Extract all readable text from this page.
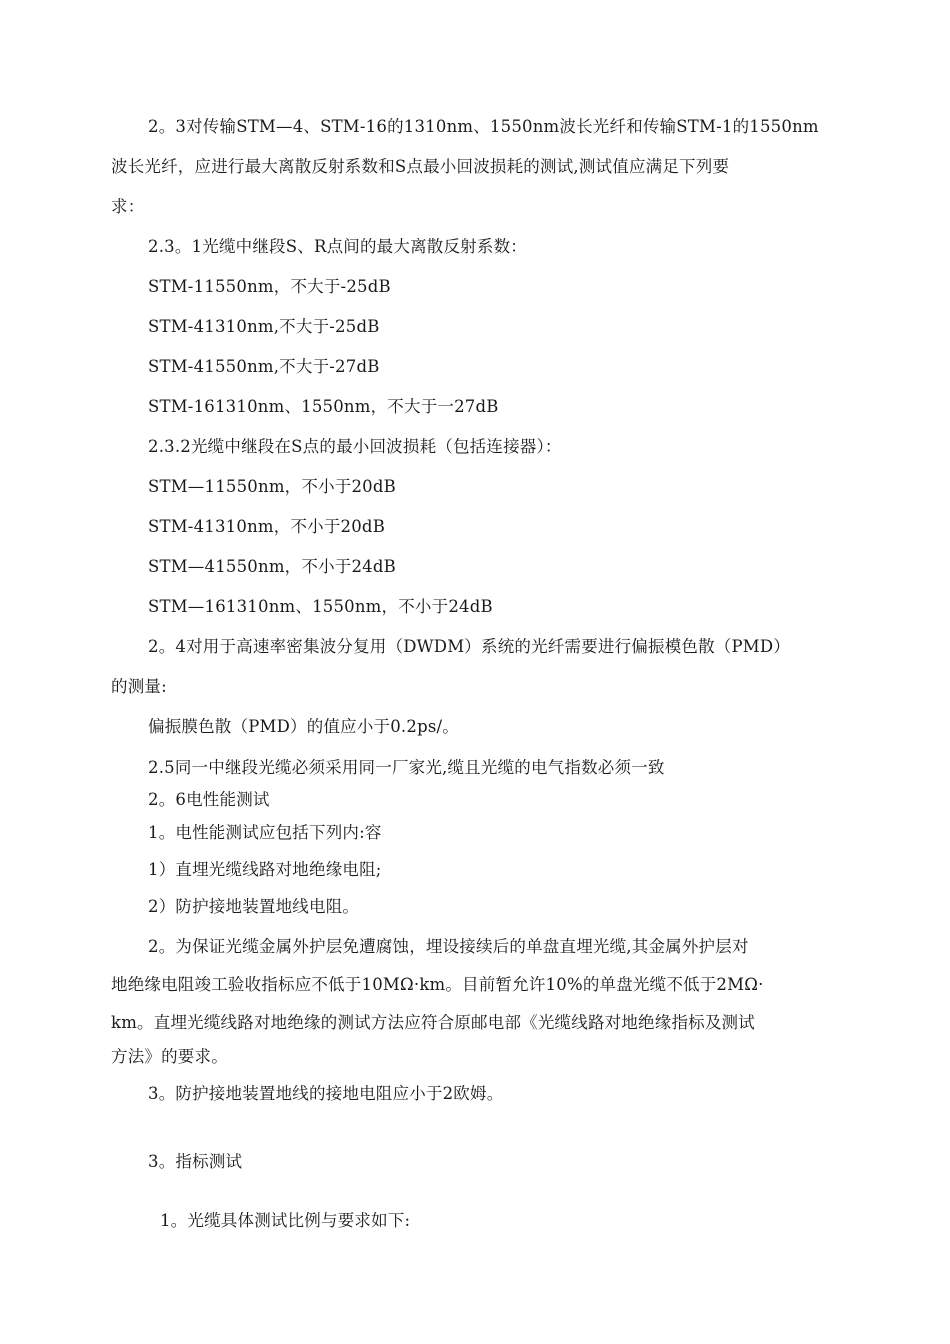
2。3对传输STM—4、STM-16的1310nm、1550nm波长光纤和传输STM-1的1550nm
波长光纤，应进行最大离散反射系数和S点最小回波损耗的测试,测试值应满足下列要
求：
2.3。1光缆中继段S、R点间的最大离散反射系数：
STM-11550nm，不大于-25dB
STM-41310nm,不大于-25dB
STM-41550nm,不大于-27dB
STM-161310nm、1550nm，不大于一27dB
2.3.2光缆中继段在S点的最小回波损耗（包括连接器）：
STM—11550nm，不小于20dB
STM-41310nm，不小于20dB
STM—41550nm，不小于24dB
STM—161310nm、1550nm，不小于24dB
2。4对用于高速率密集波分复用（DWDM）系统的光纤需要进行偏振模色散（PMD）
的测量:
偏振膜色散（PMD）的值应小于0.2ps/。
2.5同一中继段光缆必须采用同一厂家光,缆且光缆的电气指数必须一致
2。6电性能测试
1。电性能测试应包括下列内:容
1）直埋光缆线路对地绝缘电阻;
2）防护接地装置地线电阻。
2。为保证光缆金属外护层免遭腐蚀，埋设接续后的单盘直埋光缆,其金属外护层对
地绝缘电阻竣工验收指标应不低于10MΩ·km。目前暂允许10%的单盘光缆不低于2MΩ·
km。直埋光缆线路对地绝缘的测试方法应符合原邮电部《光缆线路对地绝缘指标及测试
方法》的要求。
3。防护接地装置地线的接地电阻应小于2欧姆。
3。指标测试
1。光缆具体测试比例与要求如下:
